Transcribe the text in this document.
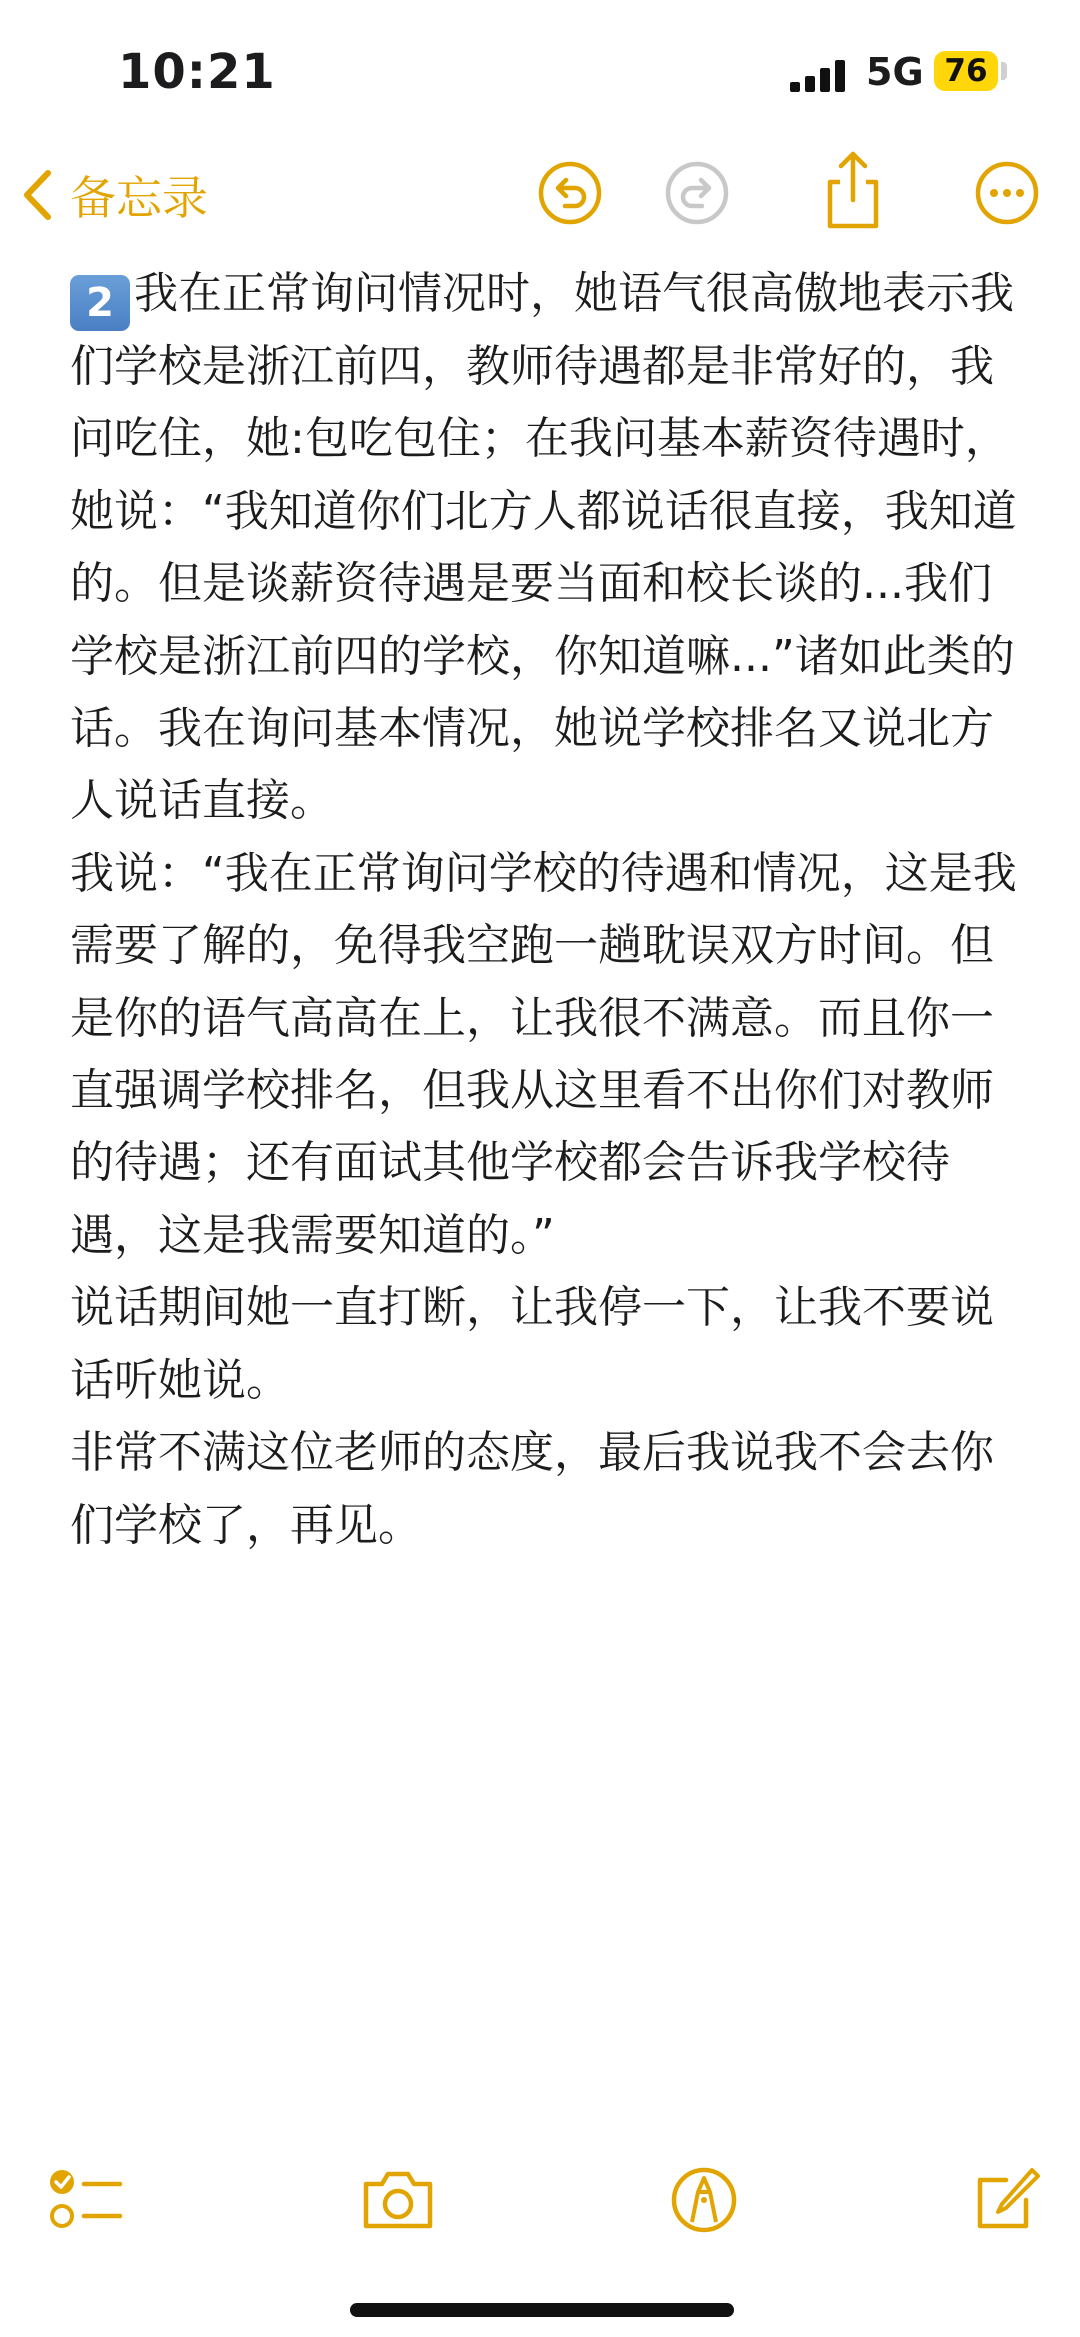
10:21	5G 76
备忘录

2 我在正常询问情况时，她语气很高傲地表示我们学校是浙江前四，教师待遇都是非常好的，我问吃住，她:包吃包住；在我问基本薪资待遇时，她说：“我知道你们北方人都说话很直接，我知道的。但是谈薪资待遇是要当面和校长谈的...我们学校是浙江前四的学校，你知道嘛...”诸如此类的话。我在询问基本情况，她说学校排名又说北方人说话直接。

我说：“我在正常询问学校的待遇和情况，这是我需要了解的，免得我空跑一趟耽误双方时间。但是你的语气高高在上，让我很不满意。而且你一直强调学校排名，但我从这里看不出你们对教师的待遇；还有面试其他学校都会告诉我学校待遇，这是我需要知道的。”

说话期间她一直打断，让我停一下，让我不要说话听她说。

非常不满这位老师的态度，最后我说我不会去你们学校了，再见。
